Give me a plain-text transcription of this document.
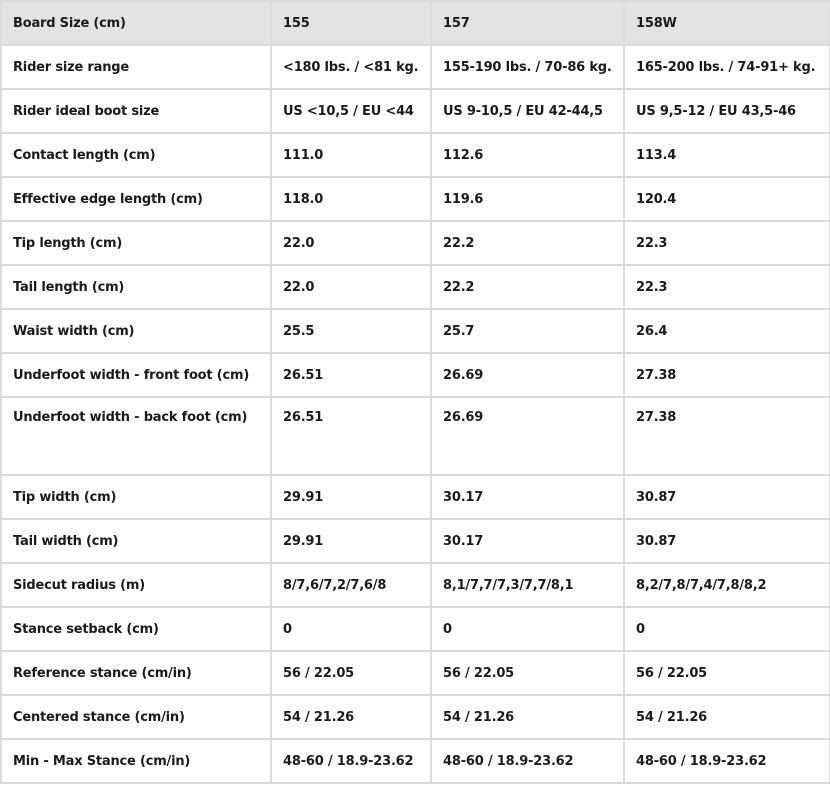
Board Size (cm)	155	157	158W
Rider size range	<180 lbs. / <81 kg.	155-190 lbs. / 70-86 kg.	165-200 lbs. / 74-91+ kg.
Rider ideal boot size	US <10,5 / EU <44	US 9-10,5 / EU 42-44,5	US 9,5-12 / EU 43,5-46
Contact length (cm)	111.0	112.6	113.4
Effective edge length (cm)	118.0	119.6	120.4
Tip length (cm)	22.0	22.2	22.3
Tail length (cm)	22.0	22.2	22.3
Waist width (cm)	25.5	25.7	26.4
Underfoot width - front foot (cm)	26.51	26.69	27.38
Underfoot width - back foot (cm)	26.51	26.69	27.38
Tip width (cm)	29.91	30.17	30.87
Tail width (cm)	29.91	30.17	30.87
Sidecut radius (m)	8/7,6/7,2/7,6/8	8,1/7,7/7,3/7,7/8,1	8,2/7,8/7,4/7,8/8,2
Stance setback (cm)	0	0	0
Reference stance (cm/in)	56 / 22.05	56 / 22.05	56 / 22.05
Centered stance (cm/in)	54 / 21.26	54 / 21.26	54 / 21.26
Min - Max Stance (cm/in)	48-60 / 18.9-23.62	48-60 / 18.9-23.62	48-60 / 18.9-23.62
